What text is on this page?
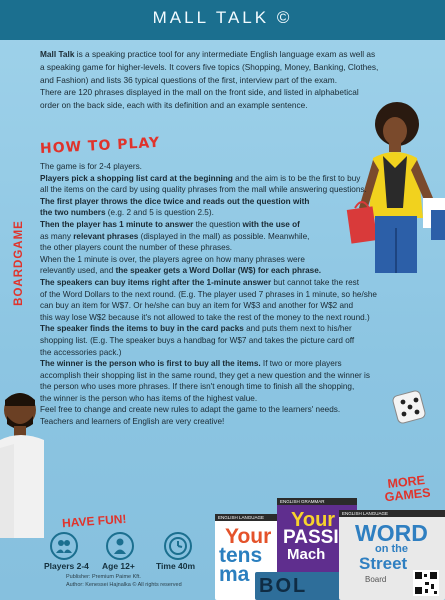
MALL TALK ©
Mall Talk is a speaking practice tool for any intermediate English language exam as well as
a speaking game for higher-levels. It covers five topics (Shopping, Money, Banking, Clothes,
and Fashion) and lists 36 typical questions of the first, interview part of the exam.
There are 120 phrases displayed in the mall on the front side, and listed in alphabetical
order on the back side, each with its definition and an example sentence.
HOW TO PLAY
BOARDGAME

The game is for 2-4 players.

Players pick a shopping list card at the beginning and the aim is to be the first to buy

all the items on the card by using quality phrases from the mall while answering questions.

The first player throws the dice twice and reads out the question with

the two numbers (e.g. 2 and 5 is question 2.5).

Then the player has 1 minute to answer the question with the use of

as many relevant phrases (displayed in the mall) as possible. Meanwhile,

the other players count the number of these phrases.

When the 1 minute is over, the players agree on how many phrases were

relevantly used, and the speaker gets a Word Dollar (W$) for each phrase.

The speakers can buy items right after the 1-minute answer but cannot take the rest

of the Word Dollars to the next round. (E.g. The player used 7 phrases in 1 minute, so he/she

can buy an item for W$7. Or he/she can buy an item for W$3 and another for W$2 and

this way lose W$2 because it's not allowed to take the rest of the money to the next round.)

The speaker finds the items to buy in the card packs and puts them next to his/her

shopping list. (E.g. The speaker buys a handbag for W$7 and takes the picture card off

the accessories pack.)

The winner is the person who is first to buy all the items. If two or more players

accomplish their shopping list in the same round, they get a new question and the winner is

the person who uses more phrases. If there isn't enough time to finish all the shopping,

the winner is the person who has items of the highest value.

Feel free to change and create new rules to adapt the game to the learners' needs.

Teachers and learners of English are very creative!

HAVE FUN!
MORE
GAMES
Players 2-4 Age 12+ Time 40m
Publisher: Premium Pa⁠ime Kft.
Author: Kenesse⁠i Hajnalka © All rights reserved
ENGLISH LANGUAGE
Your
tens
ma
ENGLISH GRAMMAR
Your
PASSI
Mach
BOL
ENGLISH LANGUAGE
WORD
on the
Street
Board
